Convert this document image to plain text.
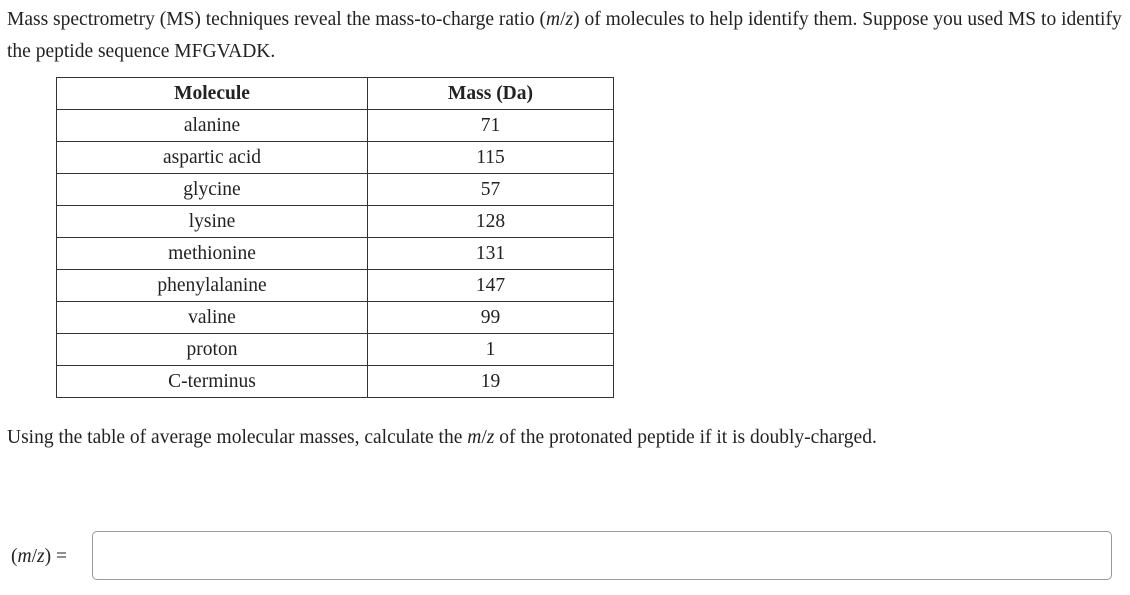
Mass spectrometry (MS) techniques reveal the mass-to-charge ratio (m/z) of molecules to help identify them. Suppose you used MS to identify the peptide sequence MFGVADK.

Molecule	Mass (Da)
alanine	71
aspartic acid	115
glycine	57
lysine	128
methionine	131
phenylalanine	147
valine	99
proton	1
C-terminus	19

Using the table of average molecular masses, calculate the m/z of the protonated peptide if it is doubly-charged.

(m/z) =
